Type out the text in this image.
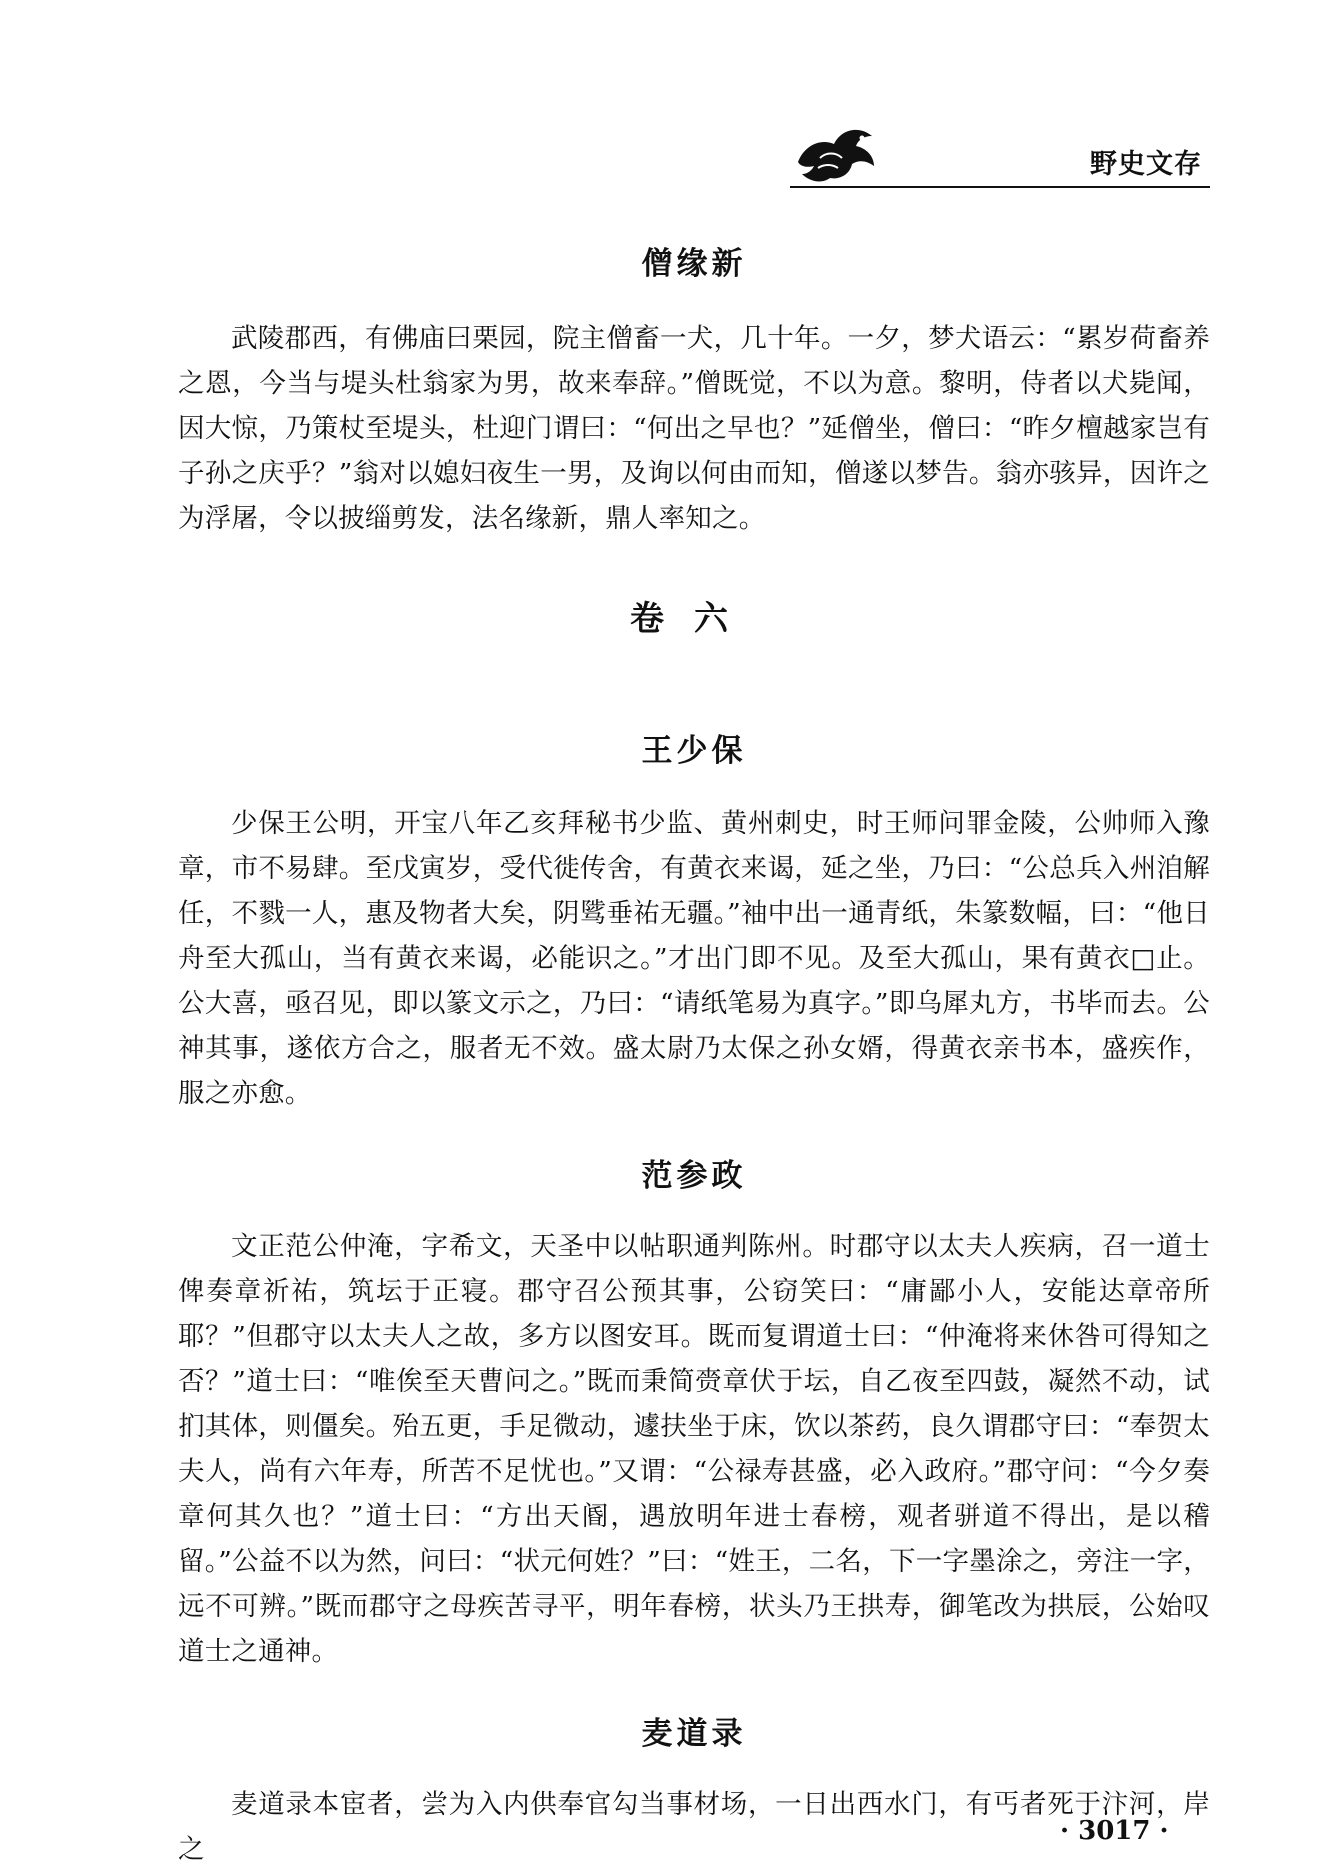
野史文存
僧缘新

武陵郡西，有佛庙曰栗园，院主僧畜一犬，几十年。一夕，梦犬语云：“累岁荷畜养之恩，今当与堤头杜翁家为男，故来奉辞。”僧既觉，不以为意。黎明，侍者以犬毙闻，因大惊，乃策杖至堤头，杜迎门谓曰：“何出之早也？”延僧坐，僧曰：“昨夕檀越家岂有子孙之庆乎？”翁对以媳妇夜生一男，及询以何由而知，僧遂以梦告。翁亦骇异，因许之为浮屠，令以披缁剪发，法名缘新，鼎人率知之。

卷六
王少保

少保王公明，开宝八年乙亥拜秘书少监、黄州刺史，时王师问罪金陵，公帅师入豫章，市不易肆。至戊寅岁，受代徙传舍，有黄衣来谒，延之坐，乃曰：“公总兵入州洎解任，不戮一人，惠及物者大矣，阴骘垂祐无疆。”袖中出一通青纸，朱篆数幅，曰：“他日舟至大孤山，当有黄衣来谒，必能识之。”才出门即不见。及至大孤山，果有黄衣□止。公大喜，亟召见，即以篆文示之，乃曰：“请纸笔易为真字。”即乌犀丸方，书毕而去。公神其事，遂依方合之，服者无不效。盛太尉乃太保之孙女婿，得黄衣亲书本，盛疾作，服之亦愈。

范参政

文正范公仲淹，字希文，天圣中以帖职通判陈州。时郡守以太夫人疾病，召一道士俾奏章祈祐，筑坛于正寝。郡守召公预其事，公窃笑曰：“庸鄙小人，安能达章帝所耶？”但郡守以太夫人之故，多方以图安耳。既而复谓道士曰：“仲淹将来休咎可得知之否？”道士曰：“唯俟至天曹问之。”既而秉简赍章伏于坛，自乙夜至四鼓，凝然不动，试扪其体，则僵矣。殆五更，手足微动，遽扶坐于床，饮以茶药，良久谓郡守曰：“奉贺太夫人，尚有六年寿，所苦不足忧也。”又谓：“公禄寿甚盛，必入政府。”郡守问：“今夕奏章何其久也？”道士曰：“方出天阍，遇放明年进士春榜，观者骈道不得出，是以稽留。”公益不以为然，问曰：“状元何姓？”曰：“姓王，二名，下一字墨涂之，旁注一字，远不可辨。”既而郡守之母疾苦寻平，明年春榜，状头乃王拱寿，御笔改为拱辰，公始叹道士之通神。

麦道录

麦道录本宦者，尝为入内供奉官勾当事材场，一日出西水门，有丐者死于汴河，岸之

· 3017 ·
